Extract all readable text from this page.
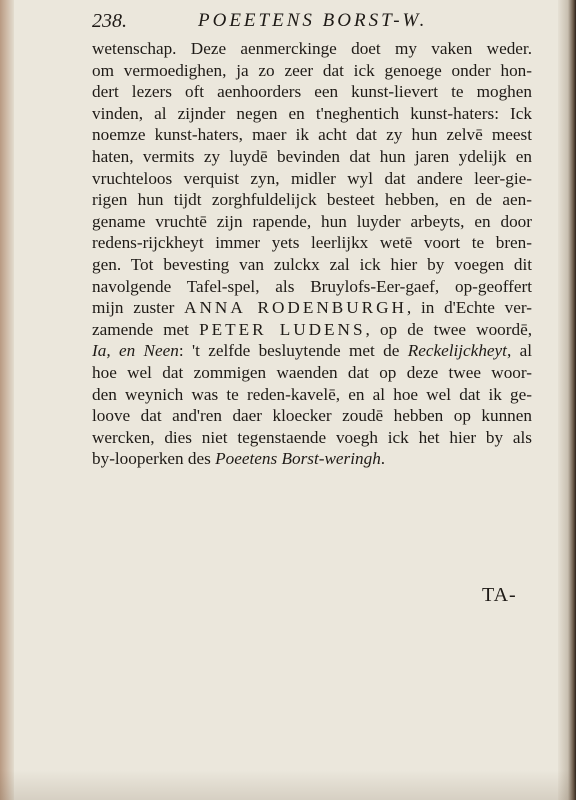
238.	POEETENS BORST-W.
wetenschap. Deze aenmerckinge doet my vaken weder.
om vermoedighen, ja zo zeer dat ick genoege onder hon-
dert lezers oft aenhoorders een kunst-lievert te moghen
vinden, al zijnder negen en t'neghentich kunst-haters: Ick
noemze kunst-haters, maer ik acht dat zy hun zelvē meest
haten, vermits zy luydē bevinden dat hun jaren ydelijk en
vruchteloos verquist zyn, midler wyl dat andere leer-gie-
rigen hun tijdt zorghfuldelijck besteet hebben, en de aen-
gename vruchtē zijn rapende, hun luyder arbeyts, en door
redens-rijckheyt immer yets leerlijkx wetē voort te bren-
gen. Tot bevesting van zulckx zal ick hier by voegen dit
navolgende Tafel-spel, als Bruylofs-Eer-gaef, op-geoffert
mijn zuster ANNA RODENBURGH, in d'Echte ver-
zamende met PETER LUDENS, op de twee woordē,
Ia, en Neen: 't zelfde besluytende met de Reckelijckheyt, al
hoe wel dat zommigen waenden dat op deze twee woor-
den weynich was te reden-kavelē, en al hoe wel dat ik ge-
loove dat and'ren daer kloecker zoudē hebben op kunnen
wercken, dies niet tegenstaende voegh ick het hier by als
by-looperken des Poeetens Borst-weringh.
TA-
